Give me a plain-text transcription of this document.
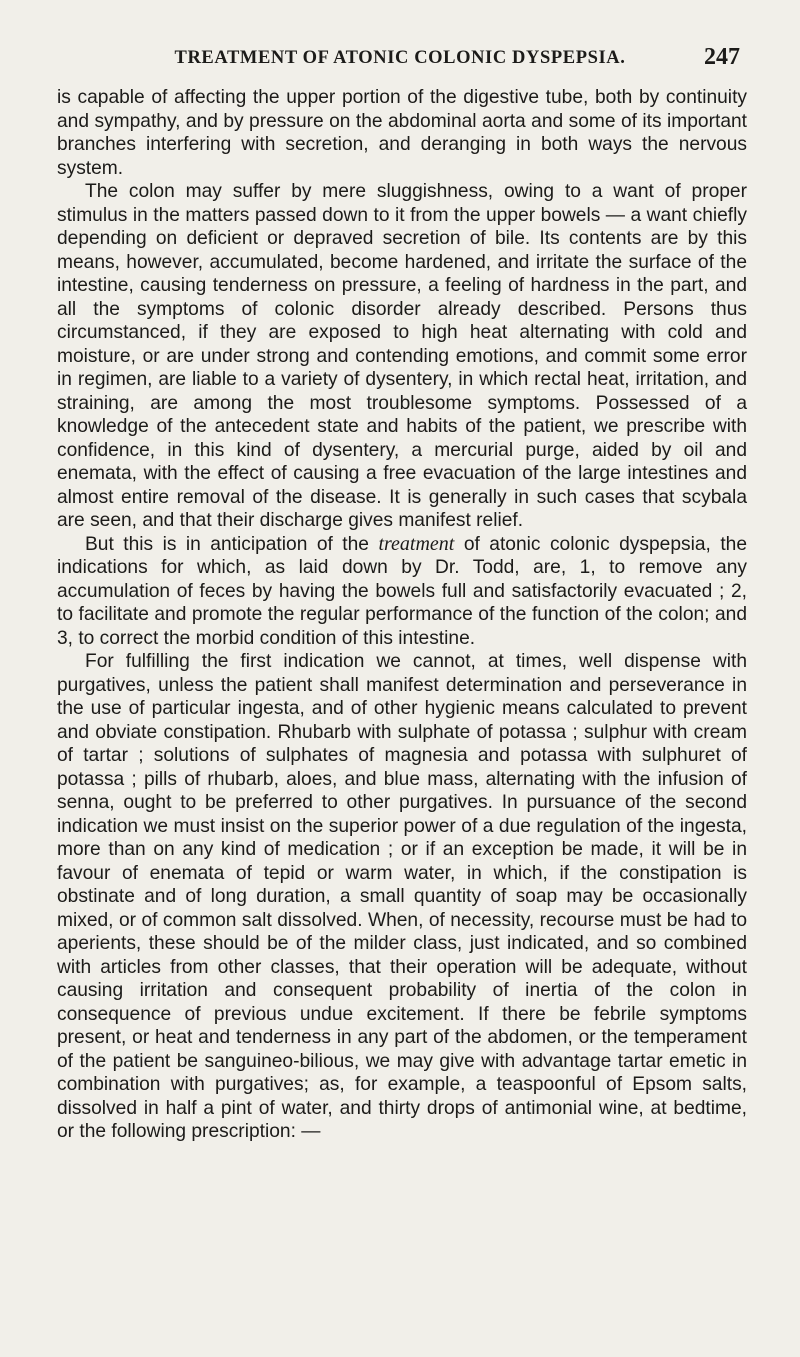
TREATMENT OF ATONIC COLONIC DYSPEPSIA.	247

is capable of affecting the upper portion of the digestive tube, both by continuity and sympathy, and by pressure on the abdominal aorta and some of its important branches interfering with secretion, and deranging in both ways the nervous system.

The colon may suffer by mere sluggishness, owing to a want of proper stimulus in the matters passed down to it from the upper bowels — a want chiefly depending on deficient or depraved secretion of bile. Its contents are by this means, however, accumulated, become hardened, and irritate the surface of the intestine, causing tenderness on pressure, a feeling of hardness in the part, and all the symptoms of colonic disorder already described. Persons thus circumstanced, if they are exposed to high heat alternating with cold and moisture, or are under strong and contending emotions, and commit some error in regimen, are liable to a variety of dysentery, in which rectal heat, irritation, and straining, are among the most troublesome symptoms. Possessed of a knowledge of the antecedent state and habits of the patient, we prescribe with confidence, in this kind of dysentery, a mercurial purge, aided by oil and enemata, with the effect of causing a free evacuation of the large intestines and almost entire removal of the disease. It is generally in such cases that scybala are seen, and that their discharge gives manifest relief.

But this is in anticipation of the treatment of atonic colonic dyspepsia, the indications for which, as laid down by Dr. Todd, are, 1, to remove any accumulation of feces by having the bowels full and satisfactorily evacuated ; 2, to facilitate and promote the regular performance of the function of the colon; and 3, to correct the morbid condition of this intestine.

For fulfilling the first indication we cannot, at times, well dispense with purgatives, unless the patient shall manifest determination and perseverance in the use of particular ingesta, and of other hygienic means calculated to prevent and obviate constipation. Rhubarb with sulphate of potassa ; sulphur with cream of tartar ; solutions of sulphates of magnesia and potassa with sulphuret of potassa ; pills of rhubarb, aloes, and blue mass, alternating with the infusion of senna, ought to be preferred to other purgatives. In pursuance of the second indication we must insist on the superior power of a due regulation of the ingesta, more than on any kind of medication ; or if an exception be made, it will be in favour of enemata of tepid or warm water, in which, if the constipation is obstinate and of long duration, a small quantity of soap may be occasionally mixed, or of common salt dissolved. When, of necessity, recourse must be had to aperients, these should be of the milder class, just indicated, and so combined with articles from other classes, that their operation will be adequate, without causing irritation and consequent probability of inertia of the colon in consequence of previous undue excitement. If there be febrile symptoms present, or heat and tenderness in any part of the abdomen, or the temperament of the patient be sanguineo-bilious, we may give with advantage tartar emetic in combination with purgatives; as, for example, a teaspoonful of Epsom salts, dissolved in half a pint of water, and thirty drops of antimonial wine, at bedtime, or the following prescription: —
